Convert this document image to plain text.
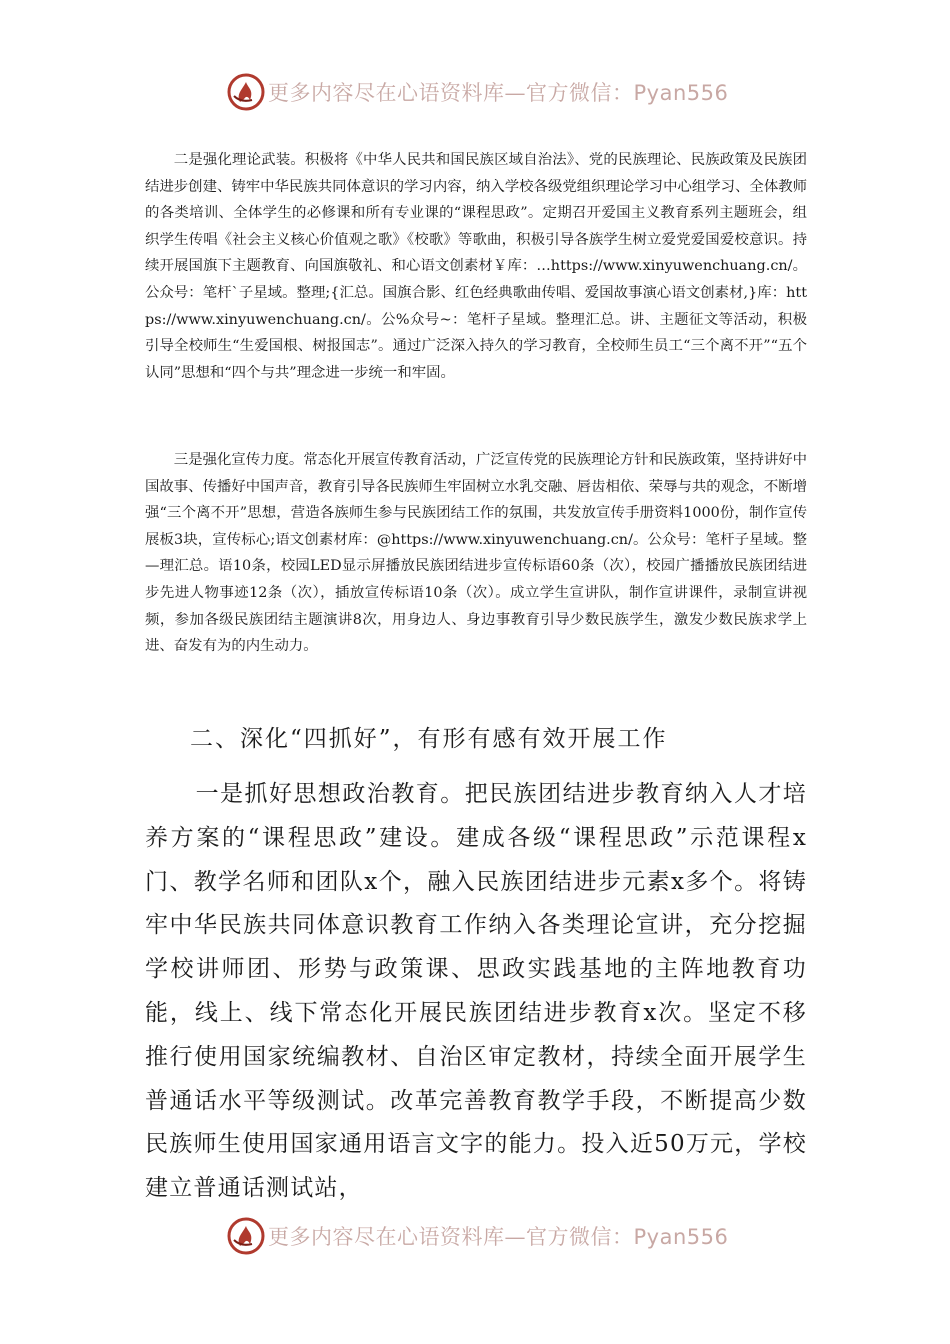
更多内容尽在心语资料库—官方微信：Pyan556

二是强化理论武装。积极将《中华人民共和国民族区域自治法》、党的民族理论、民族政策及民族团结进步创建、铸牢中华民族共同体意识的学习内容，纳入学校各级党组织理论学习中心组学习、全体教师的各类培训、全体学生的必修课和所有专业课的“课程思政”。定期召开爱国主义教育系列主题班会，组织学生传唱《社会主义核心价值观之歌》《校歌》等歌曲，积极引导各族学生树立爱党爱国爱校意识。持续开展国旗下主题教育、向国旗敬礼、和心语文创素材￥库：…https://www.xinyuwenchuang.cn/。公众号：笔杆`子星域。整理;{汇总。国旗合影、红色经典歌曲传唱、爱国故事演心语文创素材,}库：https://www.xinyuwenchuang.cn/。公%众号~：笔杆子星域。整理汇总。讲、主题征文等活动，积极引导全校师生“生爱国根、树报国志”。通过广泛深入持久的学习教育，全校师生员工“三个离不开”“五个认同”思想和“四个与共”理念进一步统一和牢固。

三是强化宣传力度。常态化开展宣传教育活动，广泛宣传党的民族理论方针和民族政策，坚持讲好中国故事、传播好中国声音，教育引导各民族师生牢固树立水乳交融、唇齿相依、荣辱与共的观念，不断增强“三个离不开”思想，营造各族师生参与民族团结工作的氛围，共发放宣传手册资料1000份，制作宣传展板3块，宣传标心;语文创素材库：@https://www.xinyuwenchuang.cn/。公众号：笔杆子星域。整—理汇总。语10条，校园LED显示屏播放民族团结进步宣传标语60条（次），校园广播播放民族团结进步先进人物事迹12条（次），插放宣传标语10条（次）。成立学生宣讲队，制作宣讲课件，录制宣讲视频，参加各级民族团结主题演讲8次，用身边人、身边事教育引导少数民族学生，激发少数民族求学上进、奋发有为的内生动力。

二、深化“四抓好”，有形有感有效开展工作

一是抓好思想政治教育。把民族团结进步教育纳入人才培养方案的“课程思政”建设。建成各级“课程思政”示范课程x门、教学名师和团队x个，融入民族团结进步元素x多个。将铸牢中华民族共同体意识教育工作纳入各类理论宣讲，充分挖掘学校讲师团、形势与政策课、思政实践基地的主阵地教育功能，线上、线下常态化开展民族团结进步教育x次。坚定不移推行使用国家统编教材、自治区审定教材，持续全面开展学生普通话水平等级测试。改革完善教育教学手段，不断提高少数民族师生使用国家通用语言文字的能力。投入近50万元，学校建立普通话测试站，

更多内容尽在心语资料库—官方微信：Pyan556
